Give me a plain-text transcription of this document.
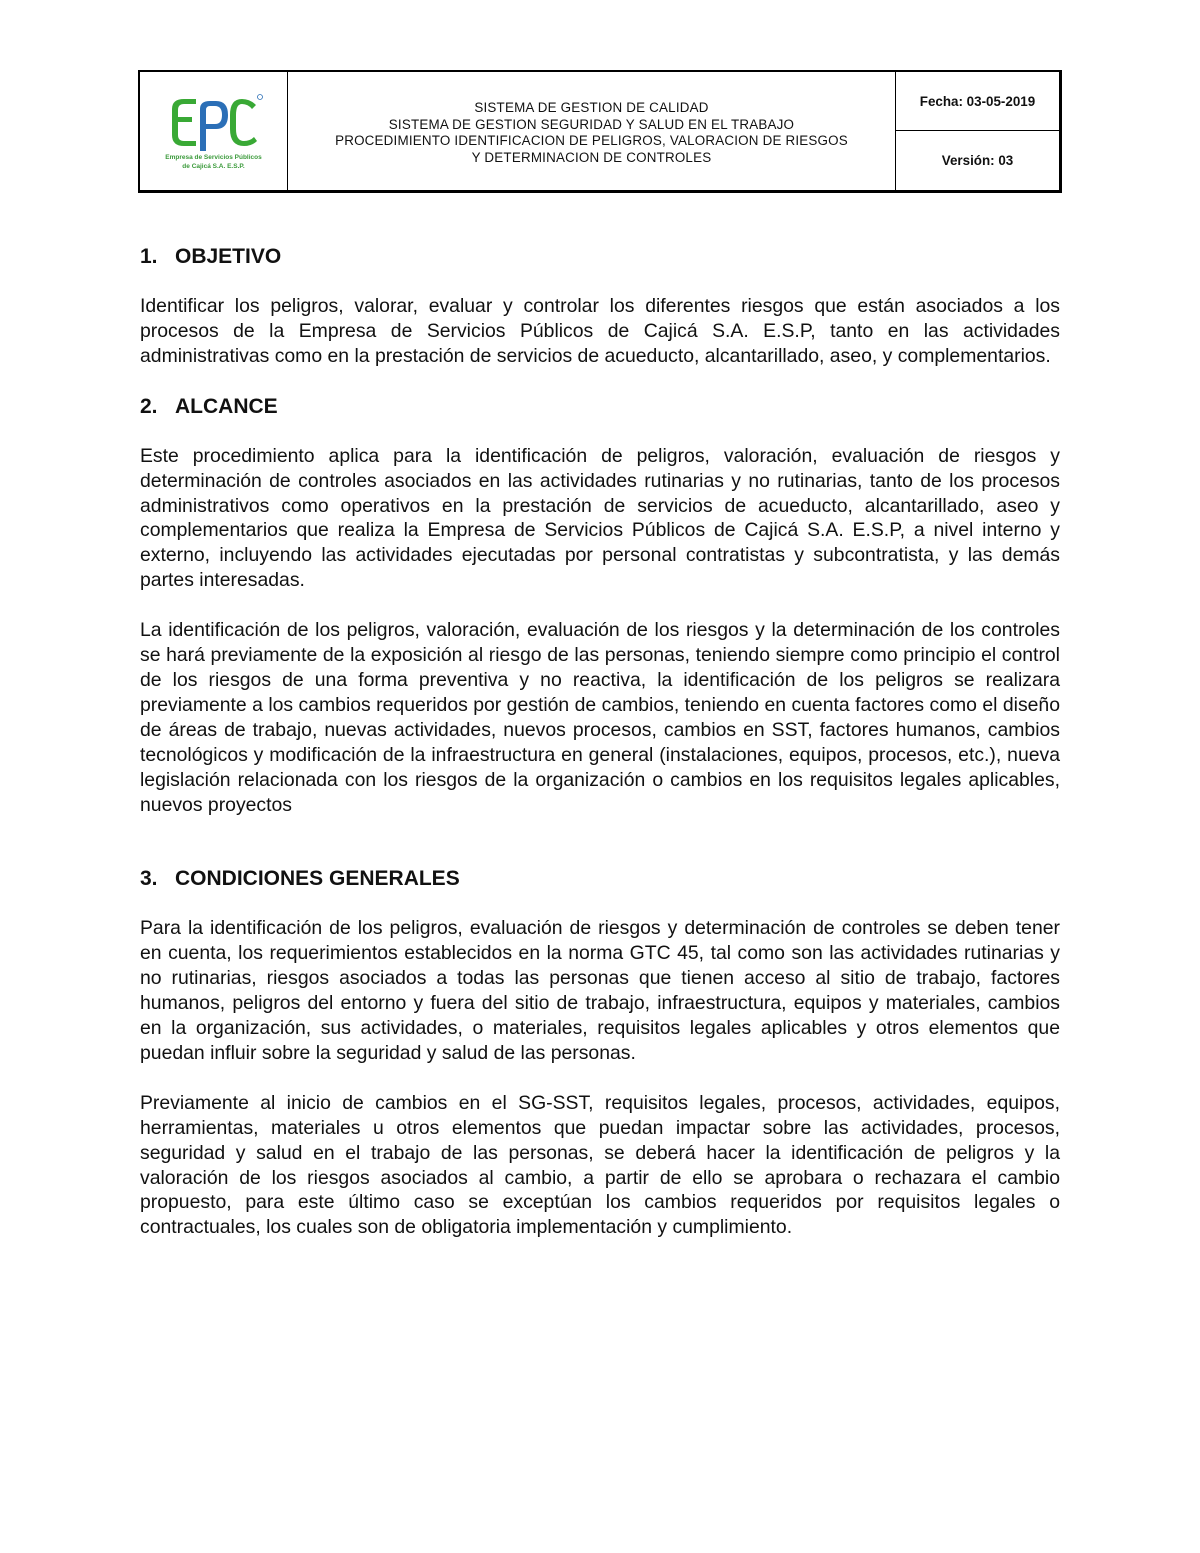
Empresa de Servicios Públicos
de Cajicá S.A. E.S.P.
SISTEMA DE GESTION DE CALIDAD
SISTEMA DE GESTION SEGURIDAD Y SALUD EN EL TRABAJO
PROCEDIMIENTO IDENTIFICACION DE PELIGROS, VALORACION DE RIESGOS
Y DETERMINACION DE CONTROLES
Fecha: 03-05-2019
Versión: 03
1. OBJETIVO

Identificar los peligros, valorar, evaluar y controlar los diferentes riesgos que están asociados a los procesos de la Empresa de Servicios Públicos de Cajicá S.A. E.S.P, tanto en las actividades administrativas como en la prestación de servicios de acueducto, alcantarillado, aseo, y complementarios.

2. ALCANCE

Este procedimiento aplica para la identificación de peligros, valoración, evaluación de riesgos y determinación de controles asociados en las actividades rutinarias y no rutinarias, tanto de los procesos administrativos como operativos en la prestación de servicios de acueducto, alcantarillado, aseo y complementarios que realiza la Empresa de Servicios Públicos de Cajicá S.A. E.S.P, a nivel interno y externo, incluyendo las actividades ejecutadas por personal contratistas y subcontratista, y las demás partes interesadas.

La identificación de los peligros, valoración, evaluación de los riesgos y la determinación de los controles se hará previamente de la exposición al riesgo de las personas, teniendo siempre como principio el control de los riesgos de una forma preventiva y no reactiva, la identificación de los peligros se realizara previamente a los cambios requeridos por gestión de cambios, teniendo en cuenta factores como el diseño de áreas de trabajo, nuevas actividades, nuevos procesos, cambios en SST, factores humanos, cambios tecnológicos y modificación de la infraestructura en general (instalaciones, equipos, procesos, etc.), nueva legislación relacionada con los riesgos de la organización o cambios en los requisitos legales aplicables, nuevos proyectos

3. CONDICIONES GENERALES

Para la identificación de los peligros, evaluación de riesgos y determinación de controles se deben tener en cuenta, los requerimientos establecidos en la norma GTC 45, tal como son las actividades rutinarias y no rutinarias, riesgos asociados a todas las personas que tienen acceso al sitio de trabajo, factores humanos, peligros del entorno y fuera del sitio de trabajo, infraestructura, equipos y materiales, cambios en la organización, sus actividades, o materiales, requisitos legales aplicables y otros elementos que puedan influir sobre la seguridad y salud de las personas.

Previamente al inicio de cambios en el SG-SST, requisitos legales, procesos, actividades, equipos, herramientas, materiales u otros elementos que puedan impactar sobre las actividades, procesos, seguridad y salud en el trabajo de las personas, se deberá hacer la identificación de peligros y la valoración de los riesgos asociados al cambio, a partir de ello se aprobara o rechazara el cambio propuesto, para este último caso se exceptúan los cambios requeridos por requisitos legales o contractuales, los cuales son de obligatoria implementación y cumplimiento.
